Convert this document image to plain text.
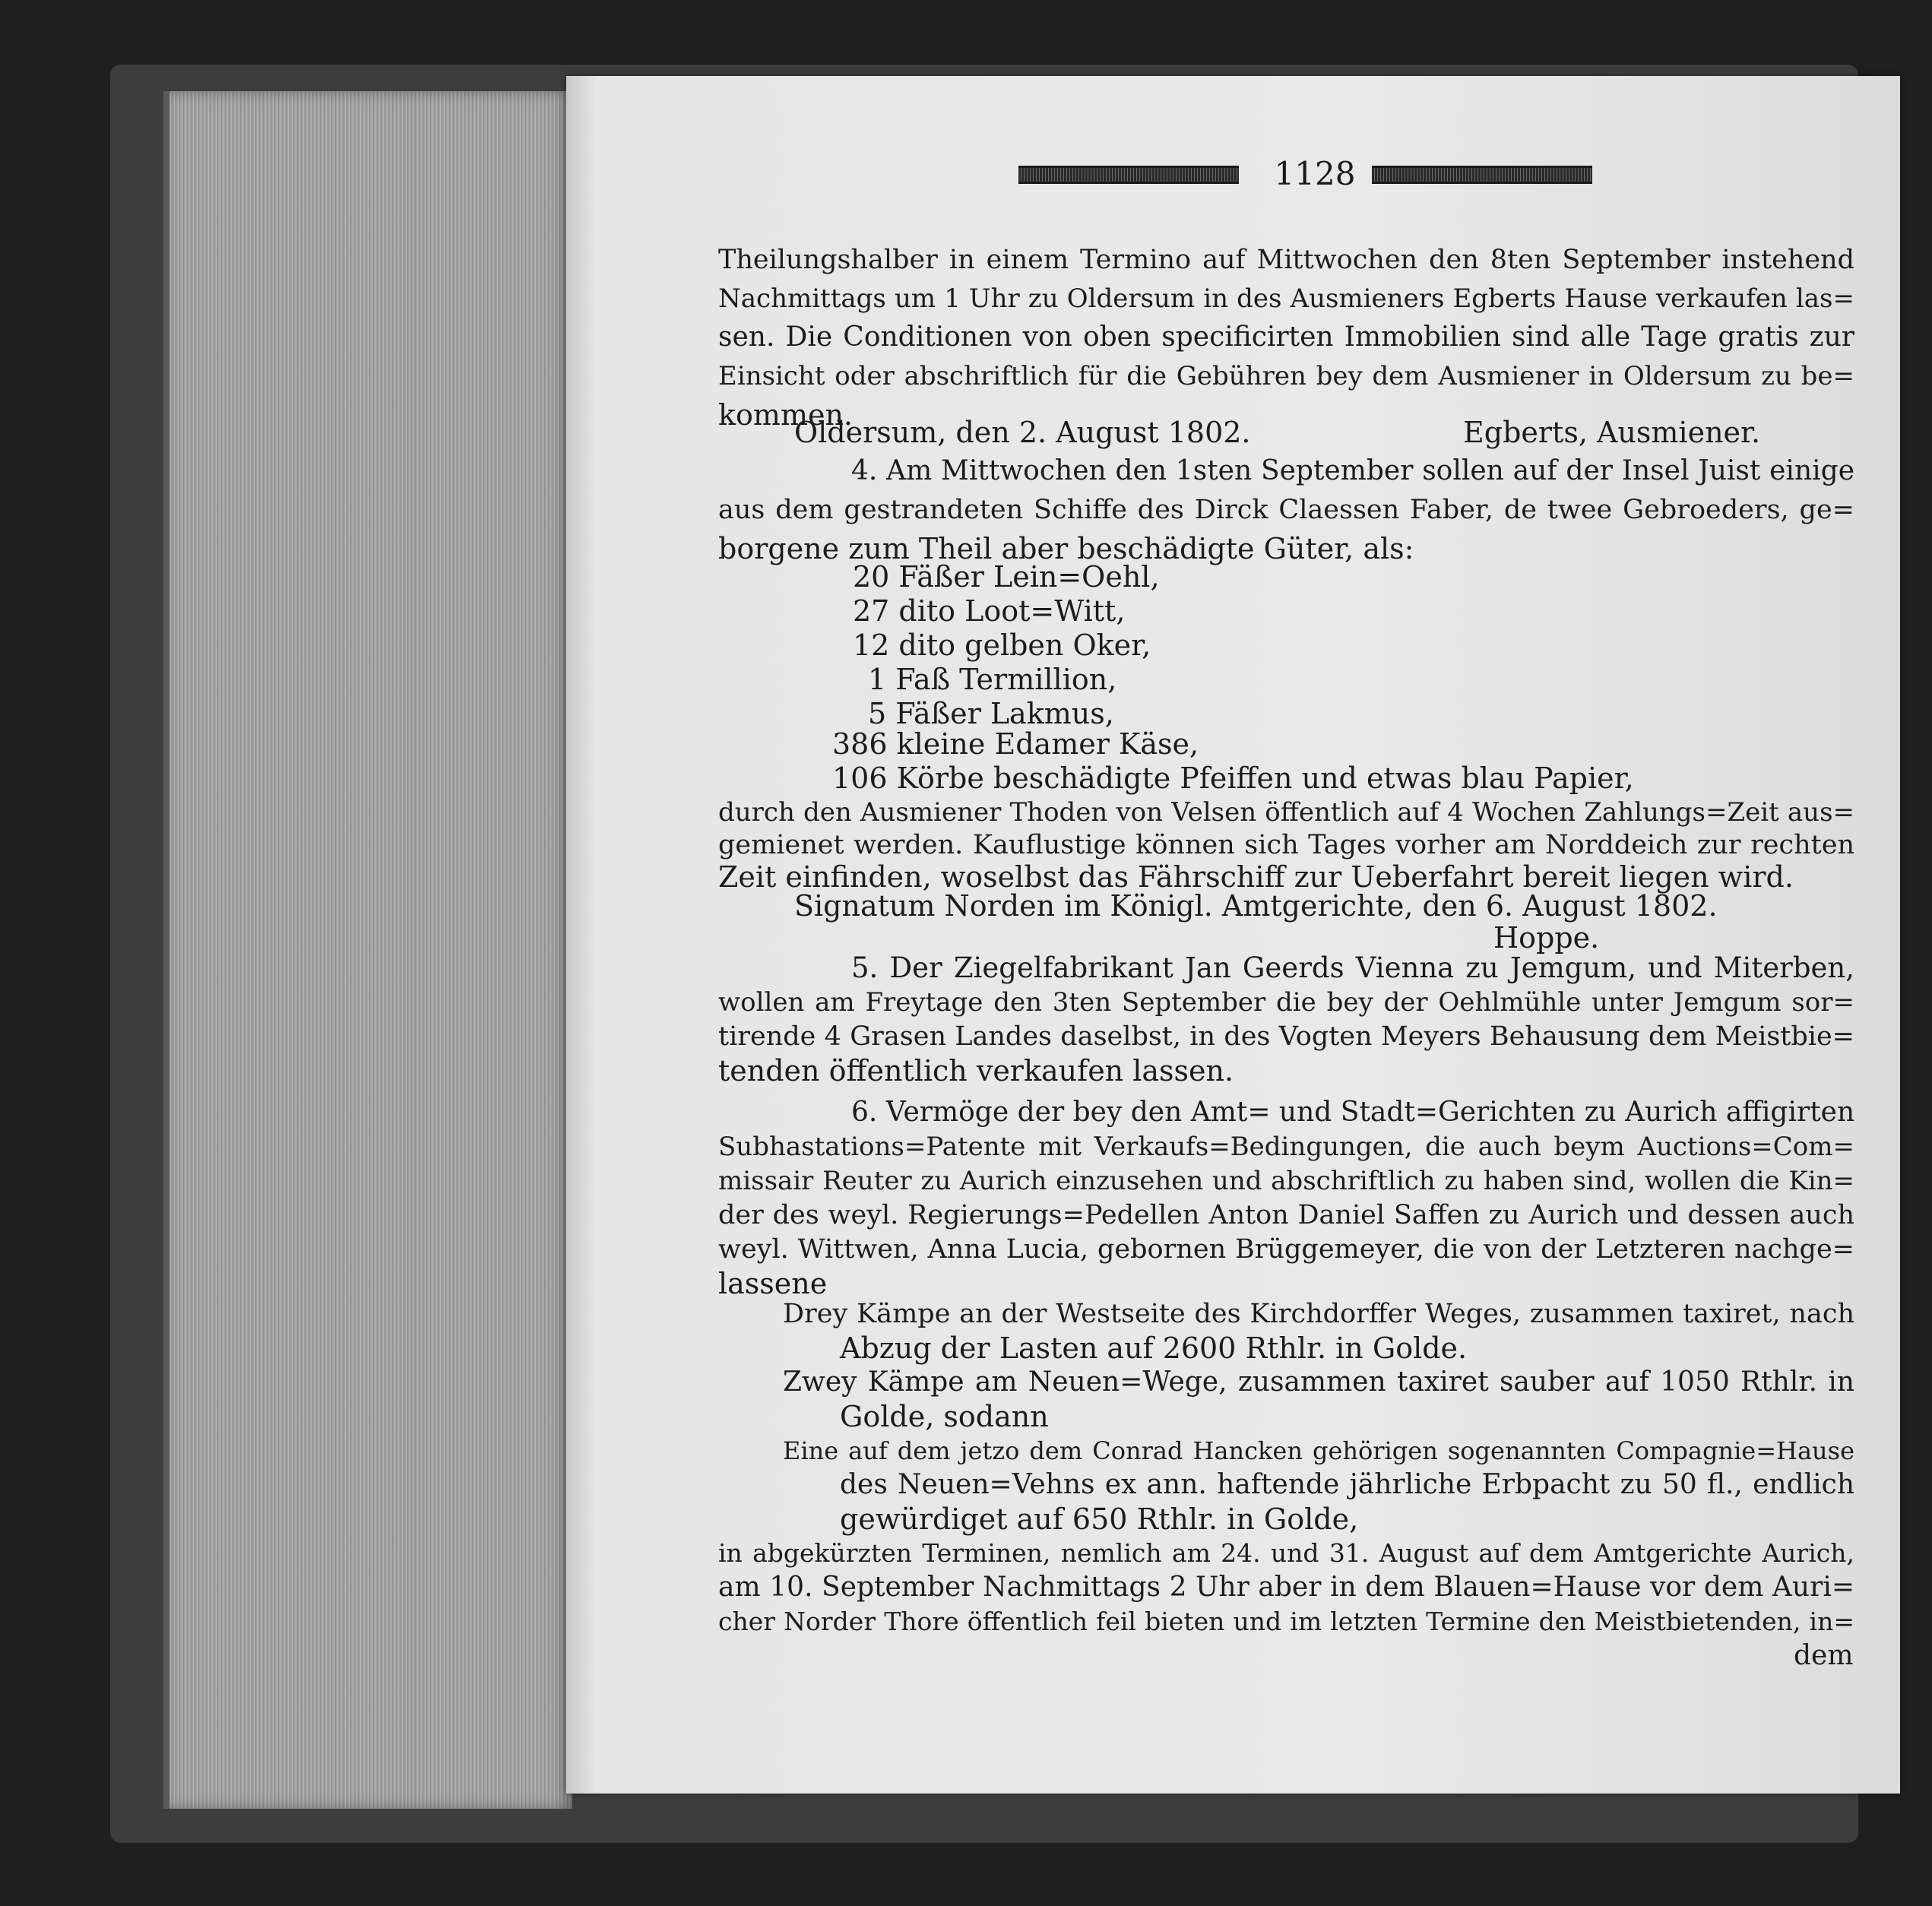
1128
Theilungshalber in einem Termino auf Mittwochen den 8ten September instehend
Nachmittags um 1 Uhr zu Oldersum in des Ausmieners Egberts Hause verkaufen las=
sen. Die Conditionen von oben specificirten Immobilien sind alle Tage gratis zur
Einsicht oder abschriftlich für die Gebühren bey dem Ausmiener in Oldersum zu be=
kommen.
Oldersum, den 2. August 1802.	Egberts, Ausmiener.
4. Am Mittwochen den 1sten September sollen auf der Insel Juist einige
aus dem gestrandeten Schiffe des Dirck Claessen Faber, de twee Gebroeders, ge=
borgene zum Theil aber beschädigte Güter, als:
20 Fäßer Lein=Oehl,
27 dito Loot=Witt,
12 dito gelben Oker,
1 Faß Termillion,
5 Fäßer Lakmus,
386 kleine Edamer Käse,
106 Körbe beschädigte Pfeiffen und etwas blau Papier,
durch den Ausmiener Thoden von Velsen öffentlich auf 4 Wochen Zahlungs=Zeit aus=
gemienet werden. Kauflustige können sich Tages vorher am Norddeich zur rechten
Zeit einfinden, woselbst das Fährschiff zur Ueberfahrt bereit liegen wird.
Signatum Norden im Königl. Amtgerichte, den 6. August 1802.
Hoppe.
5. Der Ziegelfabrikant Jan Geerds Vienna zu Jemgum, und Miterben,
wollen am Freytage den 3ten September die bey der Oehlmühle unter Jemgum sor=
tirende 4 Grasen Landes daselbst, in des Vogten Meyers Behausung dem Meistbie=
tenden öffentlich verkaufen lassen.
6. Vermöge der bey den Amt= und Stadt=Gerichten zu Aurich affigirten
Subhastations=Patente mit Verkaufs=Bedingungen, die auch beym Auctions=Com=
missair Reuter zu Aurich einzusehen und abschriftlich zu haben sind, wollen die Kin=
der des weyl. Regierungs=Pedellen Anton Daniel Saffen zu Aurich und dessen auch
weyl. Wittwen, Anna Lucia, gebornen Brüggemeyer, die von der Letzteren nachge=
lassene
Drey Kämpe an der Westseite des Kirchdorffer Weges, zusammen taxiret, nach
Abzug der Lasten auf 2600 Rthlr. in Golde.
Zwey Kämpe am Neuen=Wege, zusammen taxiret sauber auf 1050 Rthlr. in
Golde, sodann
Eine auf dem jetzo dem Conrad Hancken gehörigen sogenannten Compagnie=Hause
des Neuen=Vehns ex ann. haftende jährliche Erbpacht zu 50 fl., endlich
gewürdiget auf 650 Rthlr. in Golde,
in abgekürzten Terminen, nemlich am 24. und 31. August auf dem Amtgerichte Aurich,
am 10. September Nachmittags 2 Uhr aber in dem Blauen=Hause vor dem Auri=
cher Norder Thore öffentlich feil bieten und im letzten Termine den Meistbietenden, in=
dem
